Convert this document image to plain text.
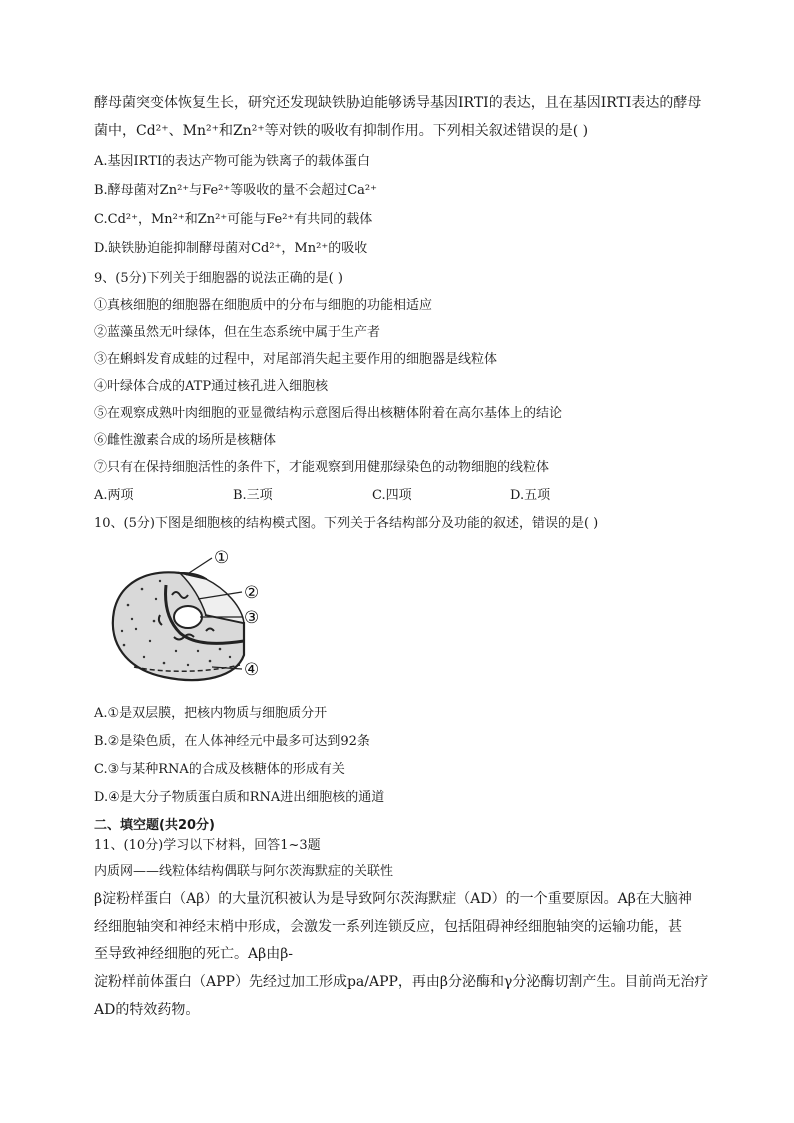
酵母菌突变体恢复生长，研究还发现缺铁胁迫能够诱导基因IRTI的表达，且在基因IRTI表达的酵母
菌中，Cd²⁺、Mn²⁺和Zn²⁺等对铁的吸收有抑制作用。下列相关叙述错误的是( )
A.基因IRTI的表达产物可能为铁离子的载体蛋白
B.酵母菌对Zn²⁺与Fe²⁺等吸收的量不会超过Ca²⁺
C.Cd²⁺，Mn²⁺和Zn²⁺可能与Fe²⁺有共同的载体
D.缺铁胁迫能抑制酵母菌对Cd²⁺，Mn²⁺的吸收
9、(5分)下列关于细胞器的说法正确的是( )
①真核细胞的细胞器在细胞质中的分布与细胞的功能相适应
②蓝藻虽然无叶绿体，但在生态系统中属于生产者
③在蝌蚪发育成蛙的过程中，对尾部消失起主要作用的细胞器是线粒体
④叶绿体合成的ATP通过核孔进入细胞核
⑤在观察成熟叶肉细胞的亚显微结构示意图后得出核糖体附着在高尔基体上的结论
⑥雌性激素合成的场所是核糖体
⑦只有在保持细胞活性的条件下，才能观察到用健那绿染色的动物细胞的线粒体
A.两项	B.三项	C.四项	D.五项
10、(5分)下图是细胞核的结构模式图。下列关于各结构部分及功能的叙述，错误的是( )
①
②
③
④
A.①是双层膜，把核内物质与细胞质分开
B.②是染色质，在人体神经元中最多可达到92条
C.③与某种RNA的合成及核糖体的形成有关
D.④是大分子物质蛋白质和RNA进出细胞核的通道
二、填空题(共20分)
11、(10分)学习以下材料，回答1~3题
内质网——线粒体结构偶联与阿尔茨海默症的关联性
β淀粉样蛋白（Aβ）的大量沉积被认为是导致阿尔茨海默症（AD）的一个重要原因。Aβ在大脑神
经细胞轴突和神经末梢中形成，会激发一系列连锁反应，包括阻碍神经细胞轴突的运输功能，甚
至导致神经细胞的死亡。Aβ由β-
淀粉样前体蛋白（APP）先经过加工形成pa/APP，再由β分泌酶和γ分泌酶切割产生。目前尚无治疗
AD的特效药物。
